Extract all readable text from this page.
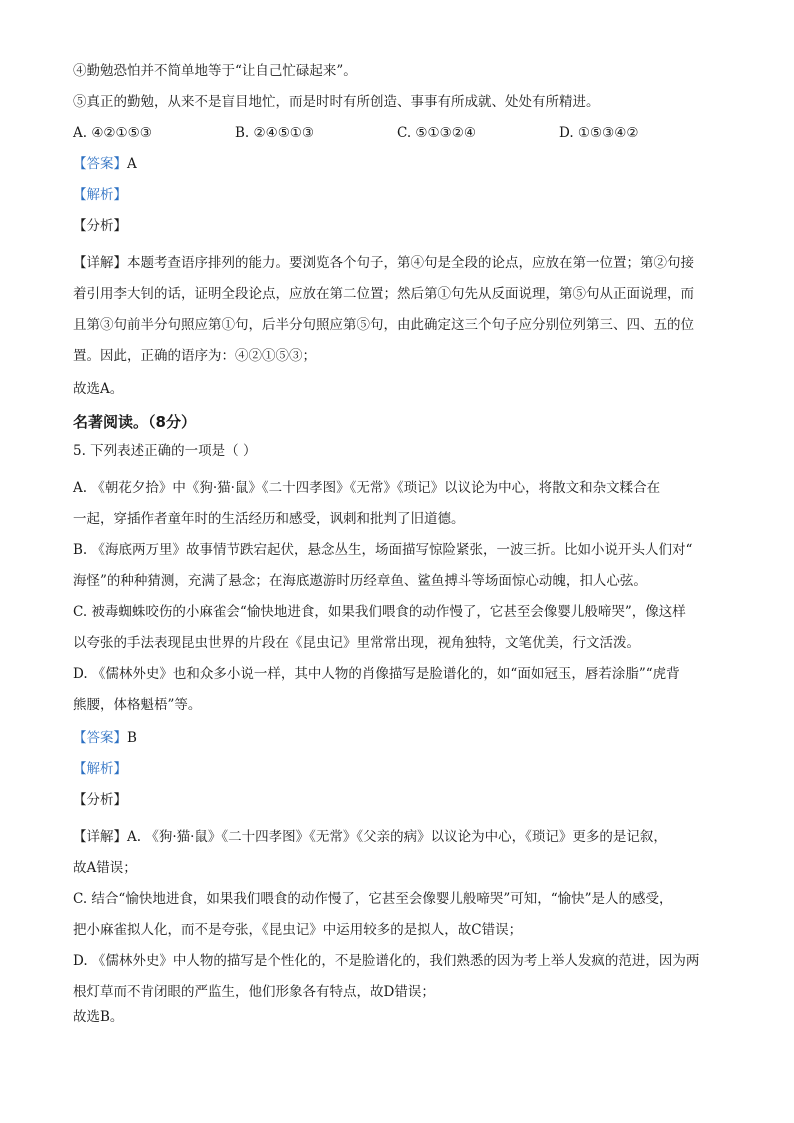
④勤勉恐怕并不简单地等于“让自己忙碌起来”。
⑤真正的勤勉，从来不是盲目地忙，而是时时有所创造、事事有所成就、处处有所精进。
A. ④②①⑤③	B. ②④⑤①③	C. ⑤①③②④	D. ①⑤③④②
【答案】A
【解析】
【分析】
【详解】本题考查语序排列的能力。要浏览各个句子，第④句是全段的论点，应放在第一位置；第②句接
着引用李大钊的话，证明全段论点，应放在第二位置；然后第①句先从反面说理，第⑤句从正面说理，而
且第③句前半分句照应第①句，后半分句照应第⑤句，由此确定这三个句子应分别位列第三、四、五的位
置。因此，正确的语序为：④②①⑤③；
故选A。
名著阅读。（8分）
5. 下列表述正确的一项是（ ）
A. 《朝花夕拾》中《狗·猫·鼠》《二十四孝图》《无常》《琐记》以议论为中心，将散文和杂文糅合在
一起，穿插作者童年时的生活经历和感受，讽刺和批判了旧道德。
B. 《海底两万里》故事情节跌宕起伏，悬念丛生，场面描写惊险紧张，一波三折。比如小说开头人们对“
海怪”的种种猜测，充满了悬念；在海底遨游时历经章鱼、鲨鱼搏斗等场面惊心动魄，扣人心弦。
C. 被毒蜘蛛咬伤的小麻雀会“愉快地进食，如果我们喂食的动作慢了，它甚至会像婴儿般啼哭”，像这样
以夸张的手法表现昆虫世界的片段在《昆虫记》里常常出现，视角独特，文笔优美，行文活泼。
D. 《儒林外史》也和众多小说一样，其中人物的肖像描写是脸谱化的，如“面如冠玉，唇若涂脂”“虎背
熊腰，体格魁梧”等。
【答案】B
【解析】
【分析】
【详解】A. 《狗·猫·鼠》《二十四孝图》《无常》《父亲的病》以议论为中心，《琐记》更多的是记叙，
故A错误；
C. 结合“愉快地进食，如果我们喂食的动作慢了，它甚至会像婴儿般啼哭”可知，“愉快”是人的感受，
把小麻雀拟人化，而不是夸张，《昆虫记》中运用较多的是拟人，故C错误；
D. 《儒林外史》中人物的描写是个性化的，不是脸谱化的，我们熟悉的因为考上举人发疯的范进，因为两
根灯草而不肯闭眼的严监生，他们形象各有特点，故D错误；
故选B。
